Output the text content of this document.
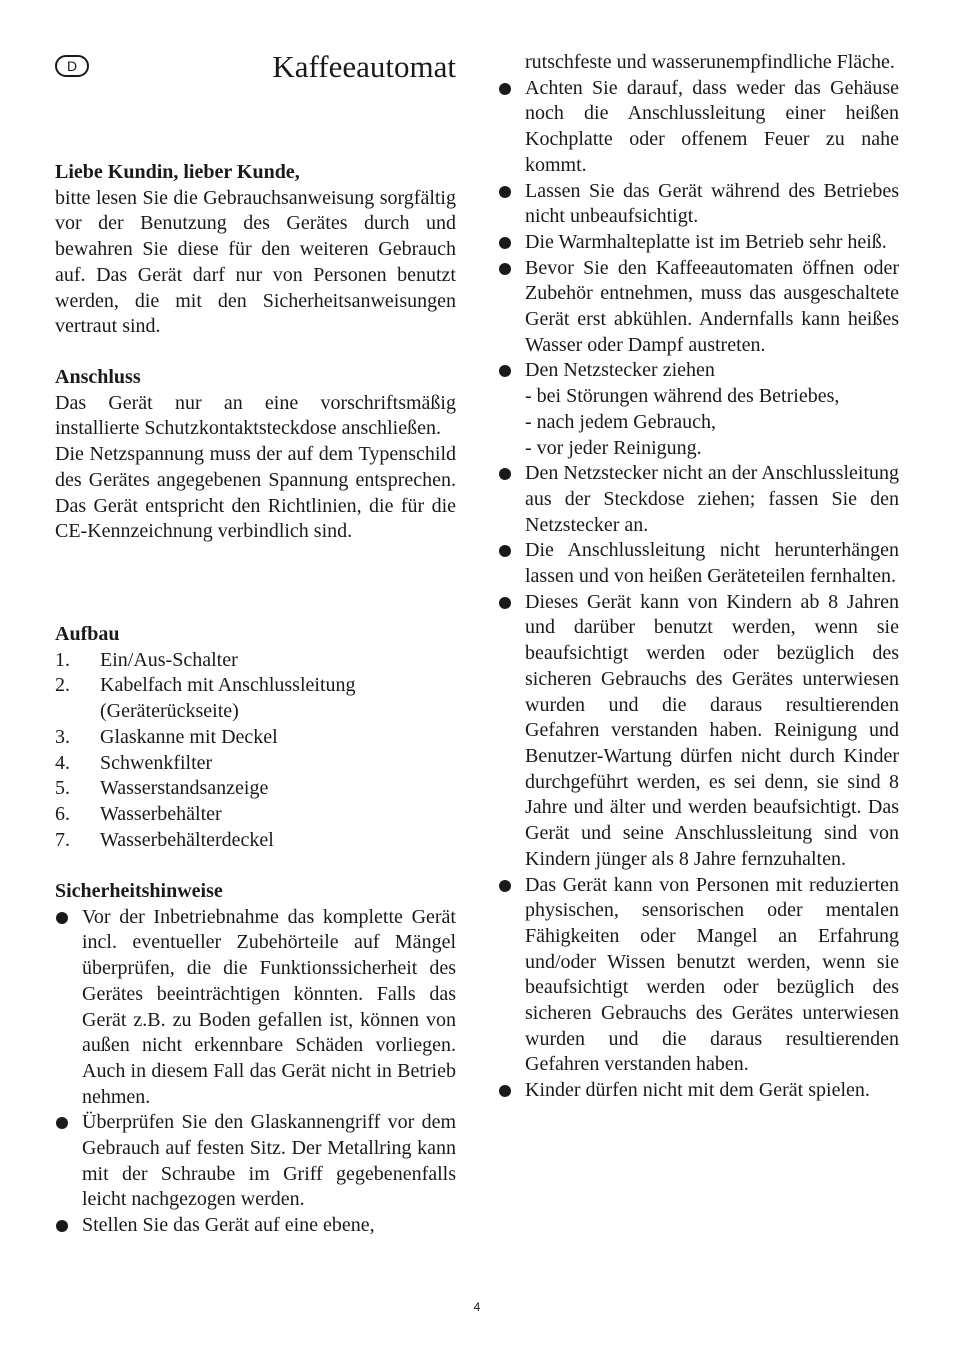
D	Kaffeeautomat

Liebe Kundin, lieber Kunde,

bitte lesen Sie die Gebrauchsanweisung sorgfältig vor der Benutzung des Gerätes durch und bewahren Sie diese für den weiteren Gebrauch auf. Das Gerät darf nur von Personen benutzt werden, die mit den Sicherheitsanweisungen vertraut sind.

Anschluss

Das Gerät nur an eine vorschriftsmäßig installierte Schutzkontaktsteckdose anschließen.

Die Netzspannung muss der auf dem Typenschild des Gerätes angegebenen Spannung entsprechen. Das Gerät entspricht den Richtlinien, die für die CE-Kennzeichnung verbindlich sind.

Aufbau

1.	Ein/Aus-Schalter
2.	Kabelfach mit Anschlussleitung (Geräterückseite)
3.	Glaskanne mit Deckel
4.	Schwenkfilter
5.	Wasserstandsanzeige
6.	Wasserbehälter
7.	Wasserbehälterdeckel

Sicherheitshinweise

Vor der Inbetriebnahme das komplette Gerät incl. eventueller Zubehörteile auf Mängel überprüfen, die die Funktionssicherheit des Gerätes beeinträchtigen könnten. Falls das Gerät z.B. zu Boden gefallen ist, können von außen nicht erkennbare Schäden vorliegen. Auch in diesem Fall das Gerät nicht in Betrieb nehmen.
Überprüfen Sie den Glaskannengriff vor dem Gebrauch auf festen Sitz. Der Metallring kann mit der Schraube im Griff gegebenenfalls leicht nachgezogen werden.
Stellen Sie das Gerät auf eine ebene,

rutschfeste und wasserunempfindliche Fläche.

Achten Sie darauf, dass weder das Gehäuse noch die Anschlussleitung einer heißen Kochplatte oder offenem Feuer zu nahe kommt.
Lassen Sie das Gerät während des Betriebes nicht unbeaufsichtigt.
Die Warmhalteplatte ist im Betrieb sehr heiß.
Bevor Sie den Kaffeeautomaten öffnen oder Zubehör entnehmen, muss das ausgeschaltete Gerät erst abkühlen. Andernfalls kann heißes Wasser oder Dampf austreten.
Den Netzstecker ziehen
- bei Störungen während des Betriebes,
- nach jedem Gebrauch,
- vor jeder Reinigung.
Den Netzstecker nicht an der Anschlussleitung aus der Steckdose ziehen; fassen Sie den Netzstecker an.
Die Anschlussleitung nicht herunterhängen lassen und von heißen Geräteteilen fernhalten.
Dieses Gerät kann von Kindern ab 8 Jahren und darüber benutzt werden, wenn sie beaufsichtigt werden oder bezüglich des sicheren Gebrauchs des Gerätes unterwiesen wurden und die daraus resultierenden Gefahren verstanden haben. Reinigung und Benutzer-Wartung dürfen nicht durch Kinder durchgeführt werden, es sei denn, sie sind 8 Jahre und älter und werden beaufsichtigt. Das Gerät und seine Anschlussleitung sind von Kindern jünger als 8 Jahre fernzuhalten.
Das Gerät kann von Personen mit reduzierten physischen, sensorischen oder mentalen Fähigkeiten oder Mangel an Erfahrung und/oder Wissen benutzt werden, wenn sie beaufsichtigt werden oder bezüglich des sicheren Gebrauchs des Gerätes unterwiesen wurden und die daraus resultierenden Gefahren verstanden haben.
Kinder dürfen nicht mit dem Gerät spielen.
4
